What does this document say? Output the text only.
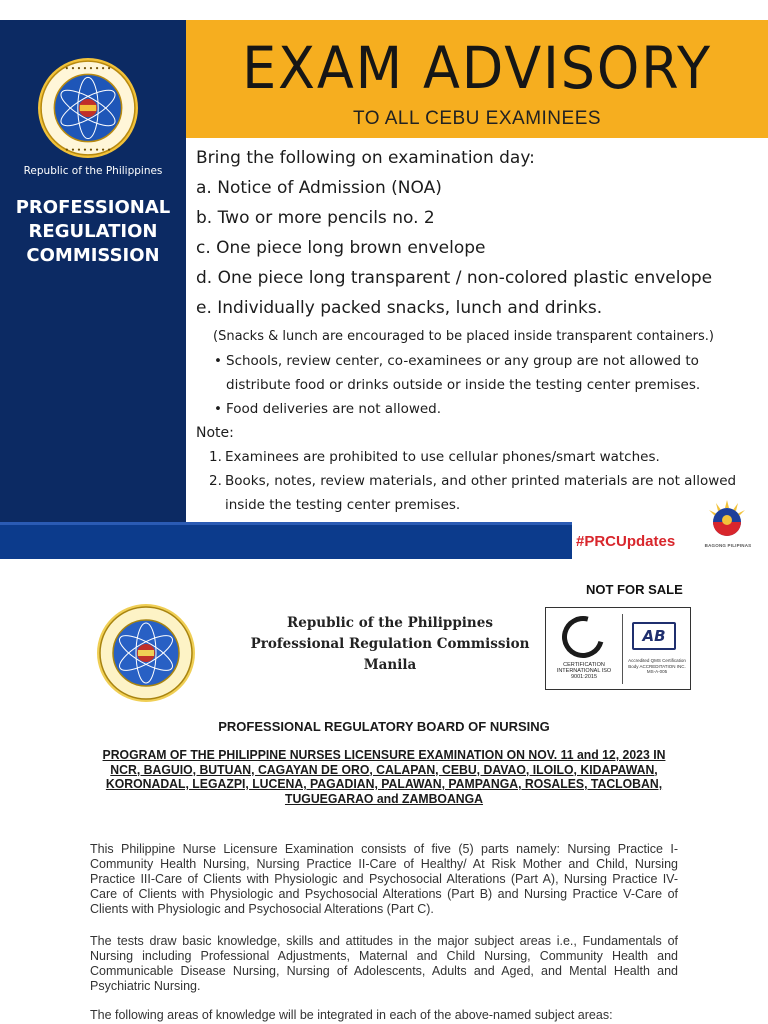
• • • • • • • •
• • • • • • • •
Republic of the Philippines
PROFESSIONAL
REGULATION
COMMISSION
EXAM ADVISORY
TO ALL CEBU EXAMINEES
Bring the following on examination day:
a. Notice of Admission (NOA)
b. Two or more pencils no. 2
c. One piece long brown envelope
d. One piece long transparent / non-colored plastic envelope
e. Individually packed snacks, lunch and drinks.
(Snacks & lunch are encouraged to be placed inside transparent containers.)
• Schools, review center, co-examinees or any group are not allowed to distribute food or drinks outside or inside the testing center premises.
• Food deliveries are not allowed.
Note:
1. Examinees are prohibited to use cellular phones/smart watches.
2. Books, notes, review materials, and other printed materials are not allowed inside the testing center premises.
#PRCUpdates	BAGONG PILIPINAS
NOT FOR SALE
Republic of the Philippines
Professional Regulation Commission
Manila	CERTIFICATION INTERNATIONAL ISO 9001:2015
AB
Accredited QMS Certification Body ACCREDITATION INC. MS-A-005
PROFESSIONAL REGULATORY BOARD OF NURSING
PROGRAM OF THE PHILIPPINE NURSES LICENSURE EXAMINATION ON NOV. 11 and 12, 2023 IN NCR, BAGUIO, BUTUAN, CAGAYAN DE ORO, CALAPAN, CEBU, DAVAO, ILOILO, KIDAPAWAN, KORONADAL, LEGAZPI, LUCENA, PAGADIAN, PALAWAN, PAMPANGA, ROSALES, TACLOBAN, TUGUEGARAO and ZAMBOANGA

This Philippine Nurse Licensure Examination consists of five (5) parts namely: Nursing Practice I-Community Health Nursing, Nursing Practice II-Care of Healthy/ At Risk Mother and Child, Nursing Practice III-Care of Clients with Physiologic and Psychosocial Alterations (Part A), Nursing Practice IV-Care of Clients with Physiologic and Psychosocial Alterations (Part B) and Nursing Practice V-Care of Clients with Physiologic and Psychosocial Alterations (Part C).

The tests draw basic knowledge, skills and attitudes in the major subject areas i.e., Fundamentals of Nursing including Professional Adjustments, Maternal and Child Nursing, Community Health and Communicable Disease Nursing, Nursing of Adolescents, Adults and Aged, and Mental Health and Psychiatric Nursing.

The following areas of knowledge will be integrated in each of the above-named subject areas:
